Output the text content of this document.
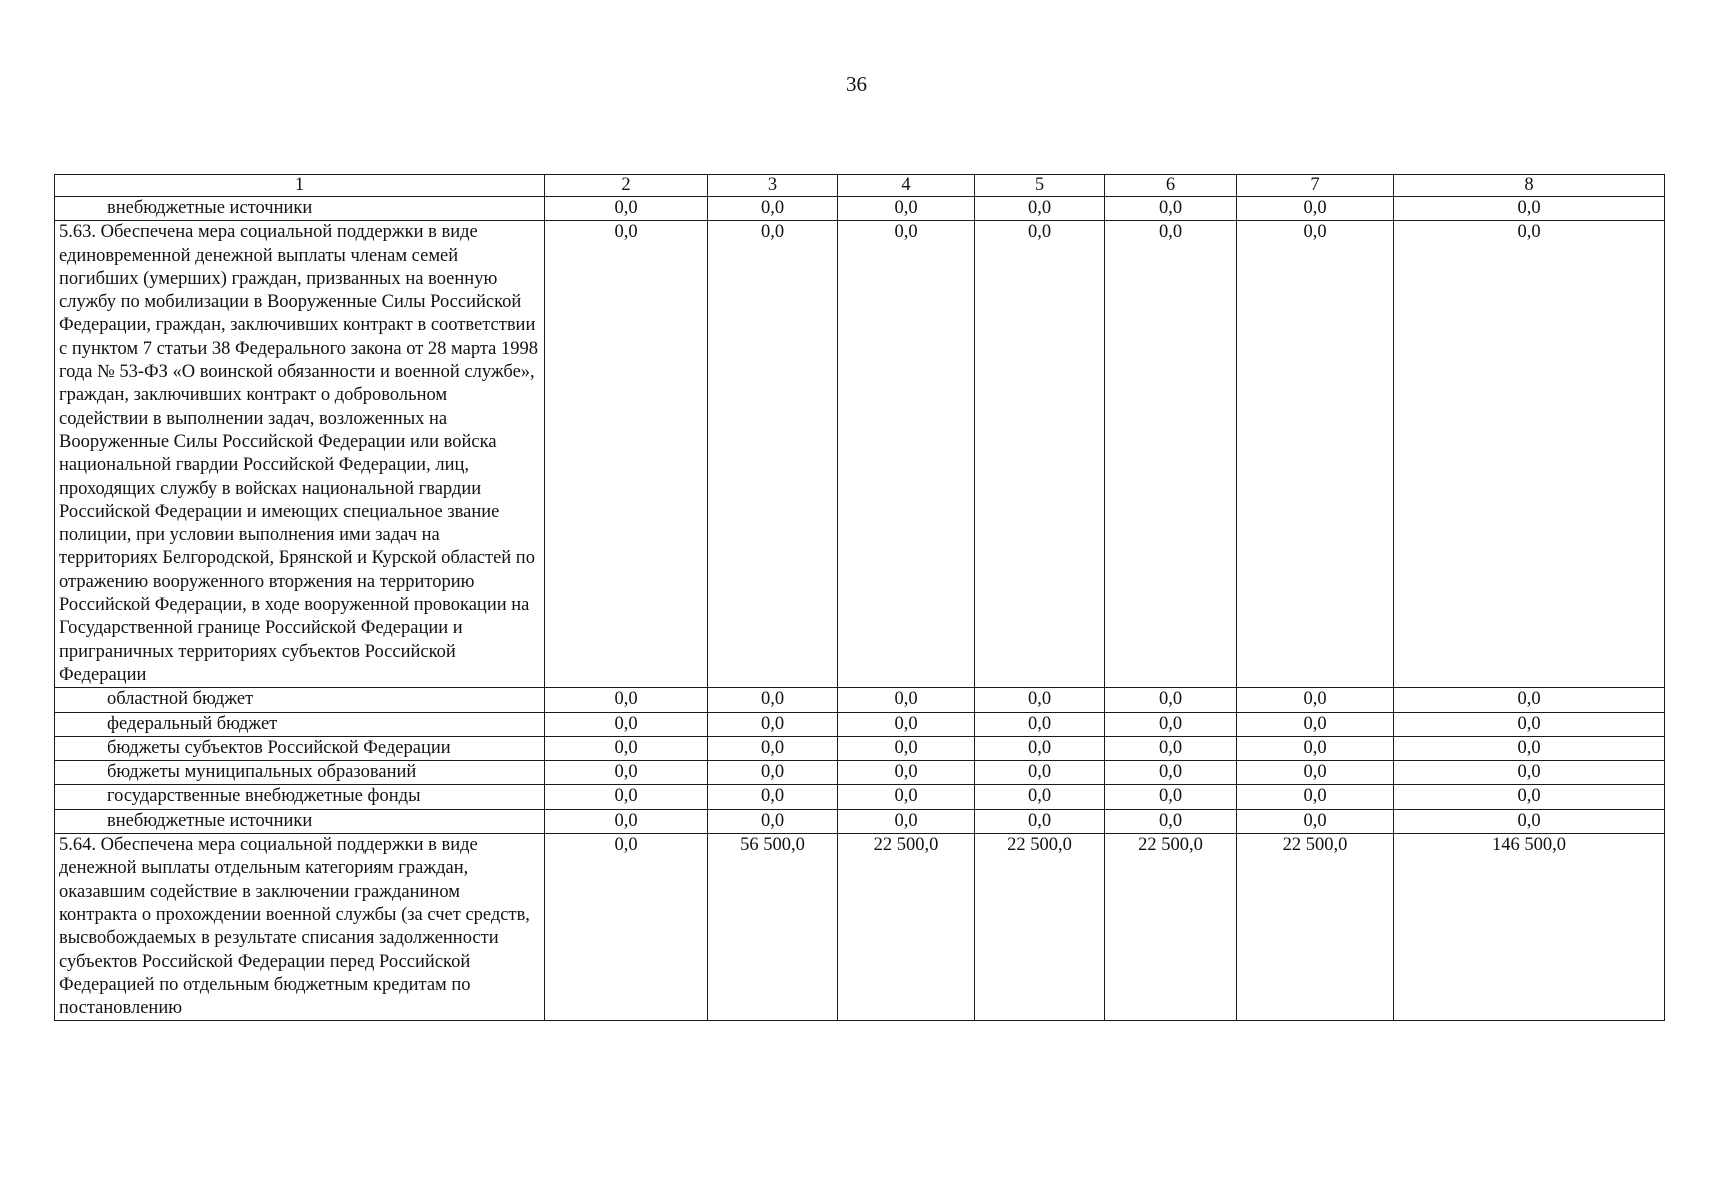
36
1	2	3	4	5	6	7	8
внебюджетные источники	0,0	0,0	0,0	0,0	0,0	0,0	0,0
5.63. Обеспечена мера социальной поддержки в виде единовременной денежной выплаты членам семей погибших (умерших) граждан, призванных на военную службу по мобилизации в Вооруженные Силы Российской Федерации, граждан, заключивших контракт в соответствии с пунктом 7 статьи 38 Федерального закона от 28 марта 1998 года № 53-ФЗ «О воинской обязанности и военной службе», граждан, заключивших контракт о добровольном содействии в выполнении задач, возложенных на Вооруженные Силы Российской Федерации или войска национальной гвардии Российской Федерации, лиц, проходящих службу в войсках национальной гвардии Российской Федерации и имеющих специальное звание полиции, при условии выполнения ими задач на территориях Белгородской, Брянской и Курской областей по отражению вооруженного вторжения на территорию Российской Федерации, в ходе вооруженной провокации на Государственной границе Российской Федерации и приграничных территориях субъектов Российской Федерации	0,0	0,0	0,0	0,0	0,0	0,0	0,0
областной бюджет	0,0	0,0	0,0	0,0	0,0	0,0	0,0
федеральный бюджет	0,0	0,0	0,0	0,0	0,0	0,0	0,0
бюджеты субъектов Российской Федерации	0,0	0,0	0,0	0,0	0,0	0,0	0,0
бюджеты муниципальных образований	0,0	0,0	0,0	0,0	0,0	0,0	0,0
государственные внебюджетные фонды	0,0	0,0	0,0	0,0	0,0	0,0	0,0
внебюджетные источники	0,0	0,0	0,0	0,0	0,0	0,0	0,0
5.64. Обеспечена мера социальной поддержки в виде денежной выплаты отдельным категориям граждан, оказавшим содействие в заключении гражданином контракта о прохождении военной службы (за счет средств, высвобождаемых в результате списания задолженности субъектов Российской Федерации перед Российской Федерацией по отдельным бюджетным кредитам по постановлению	0,0	56 500,0	22 500,0	22 500,0	22 500,0	22 500,0	146 500,0
